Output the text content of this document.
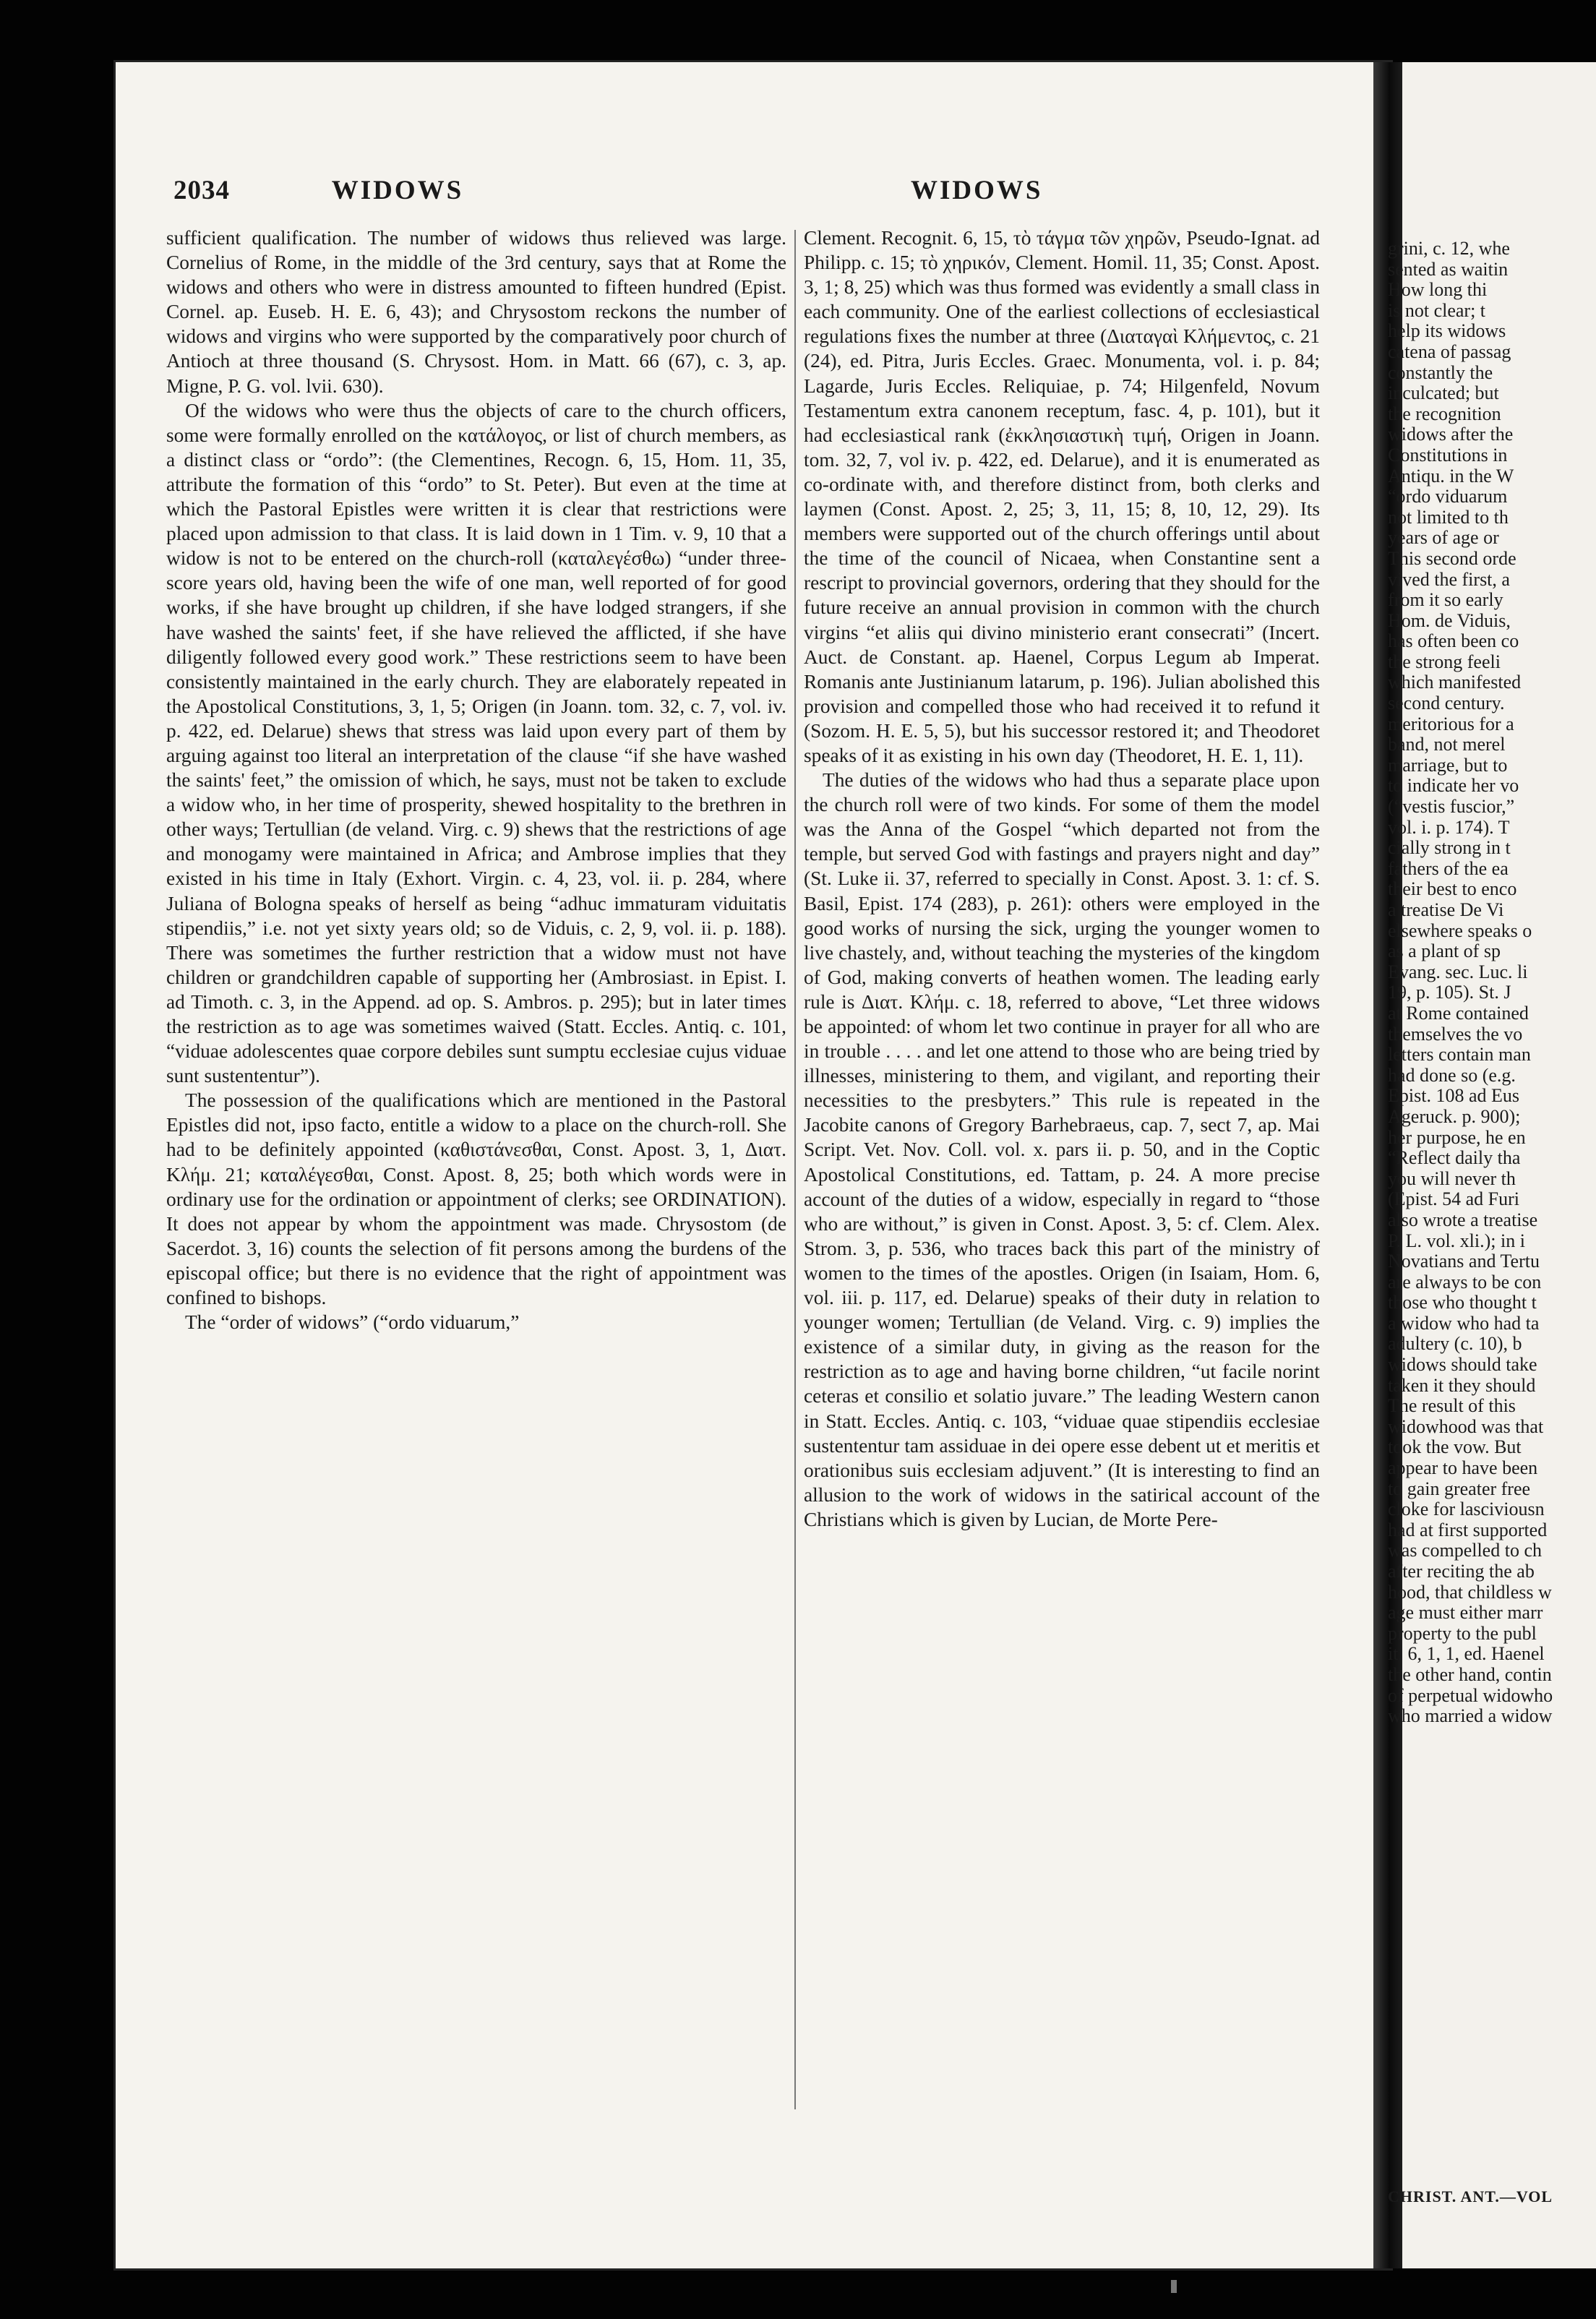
2034	WIDOWS	WIDOWS

sufficient qualification. The number of widows thus relieved was large. Cornelius of Rome, in the middle of the 3rd century, says that at Rome the widows and others who were in distress amounted to fifteen hundred (Epist. Cornel. ap. Euseb. H. E. 6, 43); and Chrysostom reckons the number of widows and virgins who were supported by the comparatively poor church of Antioch at three thousand (S. Chrysost. Hom. in Matt. 66 (67), c. 3, ap. Migne, P. G. vol. lvii. 630).

Of the widows who were thus the objects of care to the church officers, some were formally enrolled on the κατάλογος, or list of church members, as a distinct class or “ordo”: (the Clementines, Recogn. 6, 15, Hom. 11, 35, attribute the formation of this “ordo” to St. Peter). But even at the time at which the Pastoral Epistles were written it is clear that restrictions were placed upon admission to that class. It is laid down in 1 Tim. v. 9, 10 that a widow is not to be entered on the church-roll (καταλεγέσθω) “under three-score years old, having been the wife of one man, well reported of for good works, if she have brought up children, if she have lodged strangers, if she have washed the saints' feet, if she have relieved the afflicted, if she have diligently followed every good work.” These restrictions seem to have been consistently maintained in the early church. They are elaborately repeated in the Apostolical Constitutions, 3, 1, 5; Origen (in Joann. tom. 32, c. 7, vol. iv. p. 422, ed. Delarue) shews that stress was laid upon every part of them by arguing against too literal an interpretation of the clause “if she have washed the saints' feet,” the omission of which, he says, must not be taken to exclude a widow who, in her time of prosperity, shewed hospitality to the brethren in other ways; Tertullian (de veland. Virg. c. 9) shews that the restrictions of age and monogamy were maintained in Africa; and Ambrose implies that they existed in his time in Italy (Exhort. Virgin. c. 4, 23, vol. ii. p. 284, where Juliana of Bologna speaks of herself as being “adhuc immaturam viduitatis stipendiis,” i.e. not yet sixty years old; so de Viduis, c. 2, 9, vol. ii. p. 188). There was sometimes the further restriction that a widow must not have children or grandchildren capable of supporting her (Ambrosiast. in Epist. I. ad Timoth. c. 3, in the Append. ad op. S. Ambros. p. 295); but in later times the restriction as to age was sometimes waived (Statt. Eccles. Antiq. c. 101, “viduae adolescentes quae corpore debiles sunt sumptu ecclesiae cujus viduae sunt sustententur”).

The possession of the qualifications which are mentioned in the Pastoral Epistles did not, ipso facto, entitle a widow to a place on the church-roll. She had to be definitely appointed (καθιστάνεσθαι, Const. Apost. 3, 1, Διατ. Κλήμ. 21; καταλέγεσθαι, Const. Apost. 8, 25; both which words were in ordinary use for the ordination or appointment of clerks; see ORDINATION). It does not appear by whom the appointment was made. Chrysostom (de Sacerdot. 3, 16) counts the selection of fit persons among the burdens of the episcopal office; but there is no evidence that the right of appointment was confined to bishops.

The “order of widows” (“ordo viduarum,”

Clement. Recognit. 6, 15, τὸ τάγμα τῶν χηρῶν, Pseudo-Ignat. ad Philipp. c. 15; τὸ χηρικόν, Clement. Homil. 11, 35; Const. Apost. 3, 1; 8, 25) which was thus formed was evidently a small class in each community. One of the earliest collections of ecclesiastical regulations fixes the number at three (Διαταγαὶ Κλήμεντος, c. 21 (24), ed. Pitra, Juris Eccles. Graec. Monumenta, vol. i. p. 84; Lagarde, Juris Eccles. Reliquiae, p. 74; Hilgenfeld, Novum Testamentum extra canonem receptum, fasc. 4, p. 101), but it had ecclesiastical rank (ἐκκλησιαστικὴ τιμή, Origen in Joann. tom. 32, 7, vol iv. p. 422, ed. Delarue), and it is enumerated as co-ordinate with, and therefore distinct from, both clerks and laymen (Const. Apost. 2, 25; 3, 11, 15; 8, 10, 12, 29). Its members were supported out of the church offerings until about the time of the council of Nicaea, when Constantine sent a rescript to provincial governors, ordering that they should for the future receive an annual provision in common with the church virgins “et aliis qui divino ministerio erant consecrati” (Incert. Auct. de Constant. ap. Haenel, Corpus Legum ab Imperat. Romanis ante Justinianum latarum, p. 196). Julian abolished this provision and compelled those who had received it to refund it (Sozom. H. E. 5, 5), but his successor restored it; and Theodoret speaks of it as existing in his own day (Theodoret, H. E. 1, 11).

The duties of the widows who had thus a separate place upon the church roll were of two kinds. For some of them the model was the Anna of the Gospel “which departed not from the temple, but served God with fastings and prayers night and day” (St. Luke ii. 37, referred to specially in Const. Apost. 3. 1: cf. S. Basil, Epist. 174 (283), p. 261): others were employed in the good works of nursing the sick, urging the younger women to live chastely, and, without teaching the mysteries of the kingdom of God, making converts of heathen women. The leading early rule is Διατ. Κλήμ. c. 18, referred to above, “Let three widows be appointed: of whom let two continue in prayer for all who are in trouble . . . . and let one attend to those who are being tried by illnesses, ministering to them, and vigilant, and reporting their necessities to the presbyters.” This rule is repeated in the Jacobite canons of Gregory Barhebraeus, cap. 7, sect 7, ap. Mai Script. Vet. Nov. Coll. vol. x. pars ii. p. 50, and in the Coptic Apostolical Constitutions, ed. Tattam, p. 24. A more precise account of the duties of a widow, especially in regard to “those who are without,” is given in Const. Apost. 3, 5: cf. Clem. Alex. Strom. 3, p. 536, who traces back this part of the ministry of women to the times of the apostles. Origen (in Isaiam, Hom. 6, vol. iii. p. 117, ed. Delarue) speaks of their duty in relation to younger women; Tertullian (de Veland. Virg. c. 9) implies the existence of a similar duty, in giving as the reason for the restriction as to age and having borne children, “ut facile norint ceteras et consilio et solatio juvare.” The leading Western canon in Statt. Eccles. Antiq. c. 103, “viduae quae stipendiis ecclesiae sustententur tam assiduae in dei opere esse debent ut et meritis et orationibus suis ecclesiam adjuvent.” (It is interesting to find an allusion to the work of widows in the satirical account of the Christians which is given by Lucian, de Morte Pere-

grini, c. 12, whe
sented as waitin
How long thi
is not clear; t
help its widows
catena of passag
constantly the
inculcated; but
the recognition
widows after the
Constitutions in
Antiqu. in the W
“ordo viduarum
not limited to th
years of age or
This second orde
vived the first, a
from it so early
Hom. de Viduis,
has often been co
the strong feeli
which manifested
second century.
meritorious for a
band, not merel
marriage, but to
to indicate her vo
(“vestis fuscior,”
vol. i. p. 174). T
cially strong in t
fathers of the ea
their best to enco
a treatise De Vi
elsewhere speaks o
as a plant of sp
Evang. sec. Luc. li
19, p. 105). St. J
at Rome contained
themselves the vo
letters contain man
had done so (e.g.
Epist. 108 ad Eus
Ageruck. p. 900);
her purpose, he en
“Reflect daily tha
you will never th
(Epist. 54 ad Furi
also wrote a treatise
P. L. vol. xli.); in i
Novatians and Tertu
are always to be con
those who thought t
a widow who had ta
adultery (c. 10), b
widows should take
taken it they should
The result of this
widowhood was that
took the vow. But
appear to have been
to gain greater free
cloke for lasciviousn
had at first supported
was compelled to ch
after reciting the ab
hood, that childless w
age must either marr
property to the publ
it. 6, 1, 1, ed. Haenel
the other hand, contin
of perpetual widowho
who married a widow
CHRIST. ANT.—VOL
